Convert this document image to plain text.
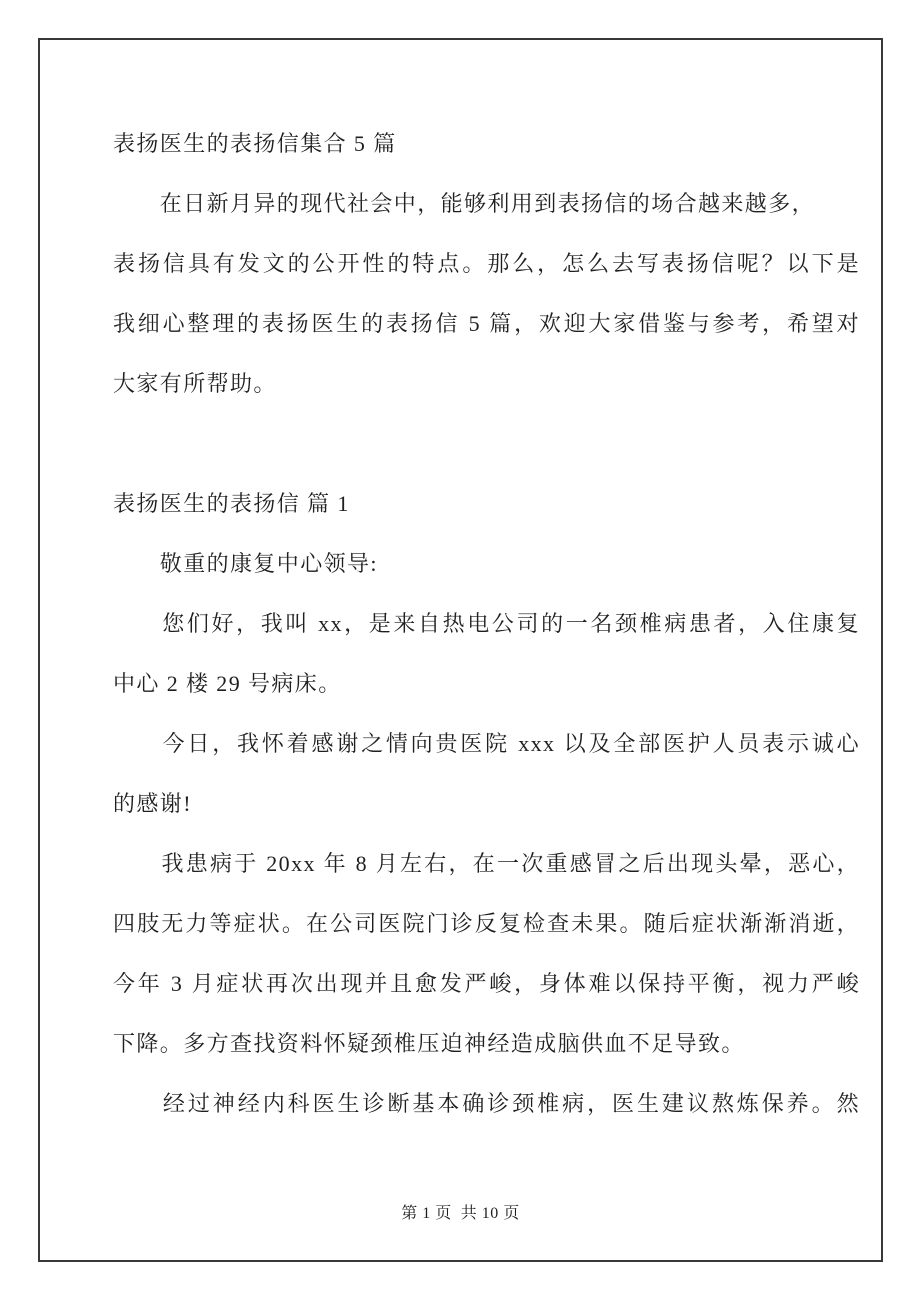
表扬医生的表扬信集合 5 篇
　　在日新月异的现代社会中，能够利用到表扬信的场合越来越多，
表扬信具有发文的公开性的特点。那么，怎么去写表扬信呢？以下是
我细心整理的表扬医生的表扬信 5 篇，欢迎大家借鉴与参考，希望对
大家有所帮助。
表扬医生的表扬信 篇 1
　　敬重的康复中心领导:
　　您们好，我叫 xx，是来自热电公司的一名颈椎病患者，入住康复
中心 2 楼 29 号病床。
　　今日，我怀着感谢之情向贵医院 xxx 以及全部医护人员表示诚心
的感谢!
　　我患病于 20xx 年 8 月左右，在一次重感冒之后出现头晕，恶心，
四肢无力等症状。在公司医院门诊反复检查未果。随后症状渐渐消逝，
今年 3 月症状再次出现并且愈发严峻，身体难以保持平衡，视力严峻
下降。多方查找资料怀疑颈椎压迫神经造成脑供血不足导致。
　　经过神经内科医生诊断基本确诊颈椎病，医生建议熬炼保养。然
第 1 页  共 10 页
